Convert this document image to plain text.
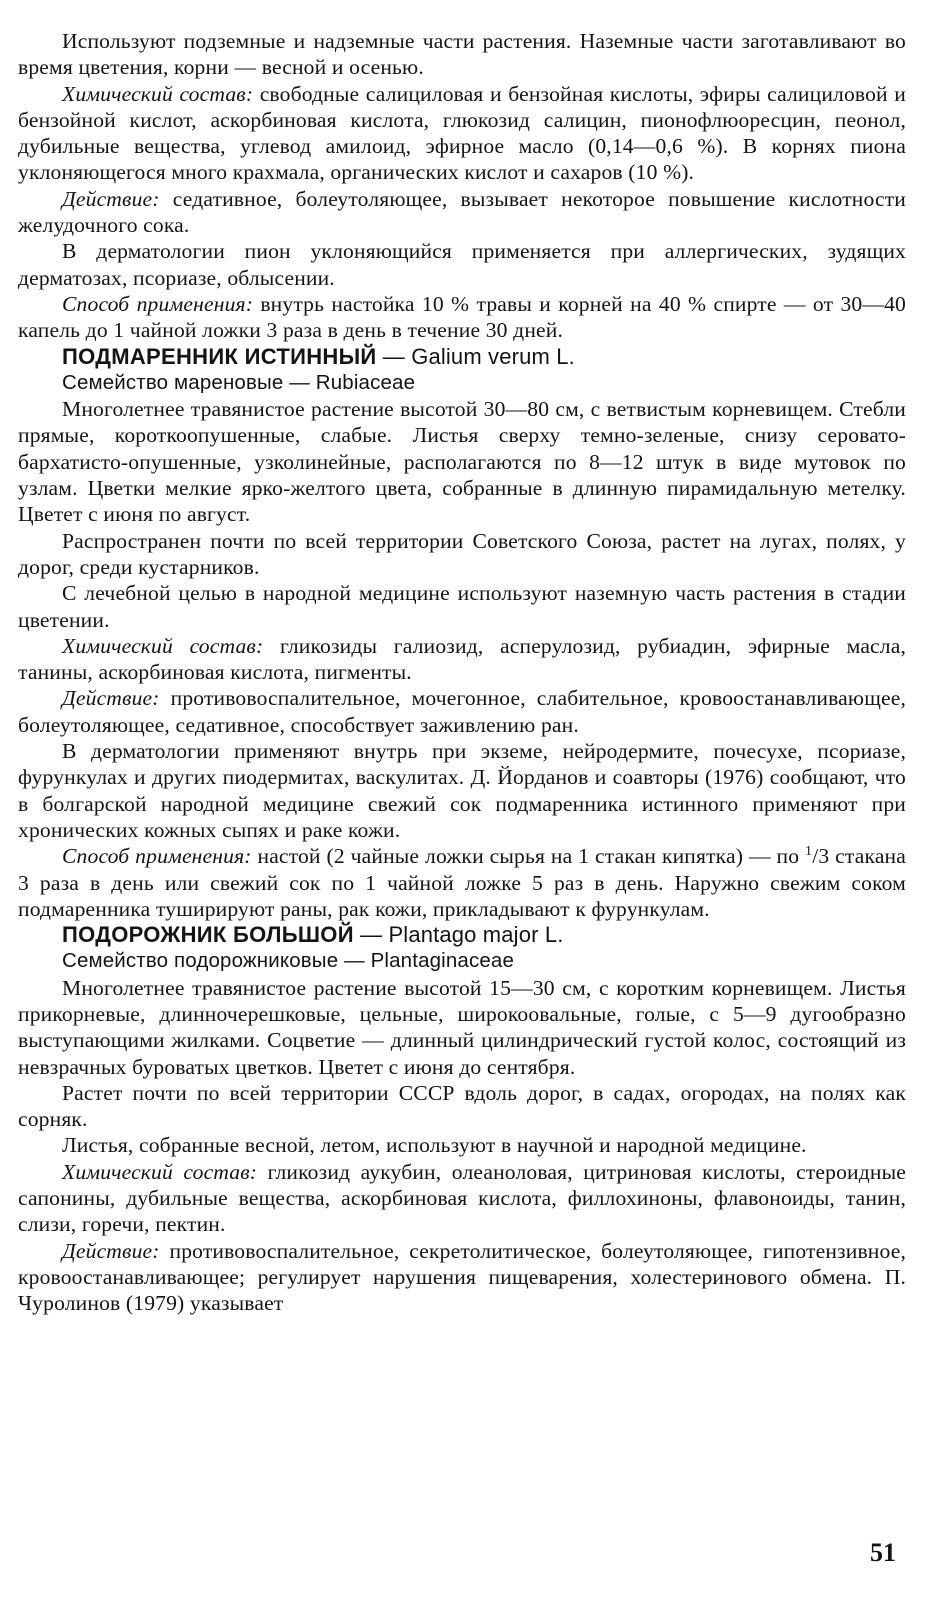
Используют подземные и надземные части растения. Наземные части заготавливают во время цветения, корни — весной и осенью.

Химический состав: свободные салициловая и бензойная кислоты, эфиры салициловой и бензойной кислот, аскорбиновая кислота, глюкозид салицин, пионофлюоресцин, пеонол, дубильные вещества, углевод амилоид, эфирное масло (0,14—0,6 %). В корнях пиона уклоняющегося много крахмала, органических кислот и сахаров (10 %).

Действие: седативное, болеутоляющее, вызывает некоторое повышение кислотности желудочного сока.

В дерматологии пион уклоняющийся применяется при аллергических, зудящих дерматозах, псориазе, облысении.

Способ применения: внутрь настойка 10 % травы и корней на 40 % спирте — от 30—40 капель до 1 чайной ложки 3 раза в день в течение 30 дней.

ПОДМАРЕННИК ИСТИННЫЙ — Galium verum L.

Семейство мареновые — Rubiaceae

Многолетнее травянистое растение высотой 30—80 см, с ветвистым корневищем. Стебли прямые, короткоопушенные, слабые. Листья сверху темно-зеленые, снизу серовато-бархатисто-опушенные, узколинейные, располагаются по 8—12 штук в виде мутовок по узлам. Цветки мелкие ярко-желтого цвета, собранные в длинную пирамидальную метелку. Цветет с июня по август.

Распространен почти по всей территории Советского Союза, растет на лугах, полях, у дорог, среди кустарников.

С лечебной целью в народной медицине используют наземную часть растения в стадии цветении.

Химический состав: гликозиды галиозид, асперулозид, рубиадин, эфирные масла, танины, аскорбиновая кислота, пигменты.

Действие: противовоспалительное, мочегонное, слабительное, кровоостанавливающее, болеутоляющее, седативное, способствует заживлению ран.

В дерматологии применяют внутрь при экземе, нейродермите, почесухе, псориазе, фурункулах и других пиодермитах, васкулитах. Д. Йорданов и соавторы (1976) сообщают, что в болгарской народной медицине свежий сок подмаренника истинного применяют при хронических кожных сыпях и раке кожи.

Способ применения: настой (2 чайные ложки сырья на 1 стакан кипятка) — по $^1$/3 стакана 3 раза в день или свежий сок по 1 чайной ложке 5 раз в день. Наружно свежим соком подмаренника туширируют раны, рак кожи, прикладывают к фурункулам.

ПОДОРОЖНИК БОЛЬШОЙ — Plantago major L.

Семейство подорожниковые — Plantaginaceae

Многолетнее травянистое растение высотой 15—30 см, с коротким корневищем. Листья прикорневые, длинночерешковые, цельные, широкоовальные, голые, с 5—9 дугообразно выступающими жилками. Соцветие — длинный цилиндрический густой колос, состоящий из невзрачных буроватых цветков. Цветет с июня до сентября.

Растет почти по всей территории СССР вдоль дорог, в садах, огородах, на полях как сорняк.

Листья, собранные весной, летом, используют в научной и народной медицине.

Химический состав: гликозид аукубин, олеаноловая, цитриновая кислоты, стероидные сапонины, дубильные вещества, аскорбиновая кислота, филлохиноны, флавоноиды, танин, слизи, горечи, пектин.

Действие: противовоспалительное, секретолитическое, болеутоляющее, гипотензивное, кровоостанавливающее; регулирует нарушения пищеварения, холестеринового обмена. П. Чуролинов (1979) указывает

51
